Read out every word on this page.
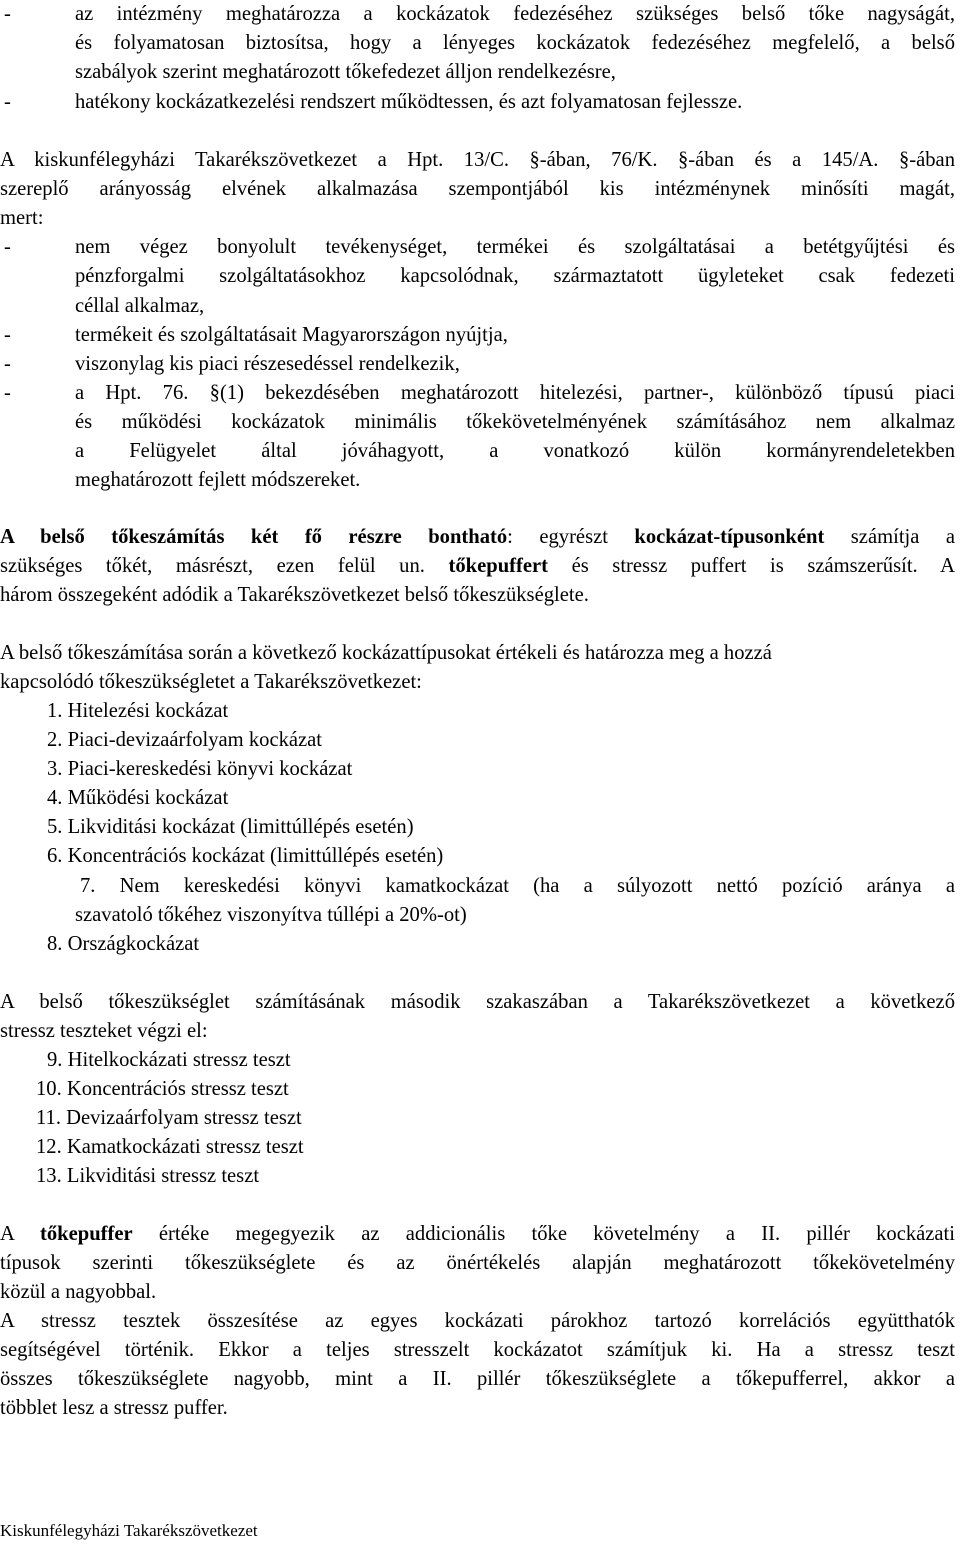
-	az intézmény meghatározza a kockázatok fedezéséhez szükséges belső tőke nagyságát,
és folyamatosan biztosítsa, hogy a lényeges kockázatok fedezéséhez megfelelő, a belső
szabályok szerint meghatározott tőkefedezet álljon rendelkezésre,
-	hatékony kockázatkezelési rendszert működtessen, és azt folyamatosan fejlessze.
A kiskunfélegyházi Takarékszövetkezet a Hpt. 13/C. §-ában, 76/K. §-ában és a 145/A. §-ában
szereplő arányosság elvének alkalmazása szempontjából kis intézménynek minősíti magát,
mert:
-	nem végez bonyolult tevékenységet, termékei és szolgáltatásai a betétgyűjtési és
pénzforgalmi szolgáltatásokhoz kapcsolódnak, származtatott ügyleteket csak fedezeti
céllal alkalmaz,
-	termékeit és szolgáltatásait Magyarországon nyújtja,
-	viszonylag kis piaci részesedéssel rendelkezik,
-	a Hpt. 76. §(1) bekezdésében meghatározott hitelezési, partner-, különböző típusú piaci
és működési kockázatok minimális tőkekövetelményének számításához nem alkalmaz
a Felügyelet által jóváhagyott, a vonatkozó külön kormányrendeletekben
meghatározott fejlett módszereket.
A belső tőkeszámítás két fő részre bontható: egyrészt kockázat-típusonként számítja a
szükséges tőkét, másrészt, ezen felül un. tőkepuffert és stressz puffert is számszerűsít. A
három összegeként adódik a Takarékszövetkezet belső tőkeszükséglete.
A belső tőkeszámítása során a következő kockázattípusokat értékeli és határozza meg a hozzá
kapcsolódó tőkeszükségletet a Takarékszövetkezet:
1. Hitelezési kockázat
2. Piaci-devizaárfolyam kockázat
3. Piaci-kereskedési könyvi kockázat
4. Működési kockázat
5. Likviditási kockázat (limittúllépés esetén)
6. Koncentrációs kockázat (limittúllépés esetén)
7. Nem kereskedési könyvi kamatkockázat (ha a súlyozott nettó pozíció aránya a
szavatoló tőkéhez viszonyítva túllépi a 20%-ot)
8. Országkockázat
A belső tőkeszükséglet számításának második szakaszában a Takarékszövetkezet a következő
stressz teszteket végzi el:
9. Hitelkockázati stressz teszt
10. Koncentrációs stressz teszt
11. Devizaárfolyam stressz teszt
12. Kamatkockázati stressz teszt
13. Likviditási stressz teszt
A tőkepuffer értéke megegyezik az addicionális tőke követelmény a II. pillér kockázati
típusok szerinti tőkeszükséglete és az önértékelés alapján meghatározott tőkekövetelmény
közül a nagyobbal.
A stressz tesztek összesítése az egyes kockázati párokhoz tartozó korrelációs együtthatók
segítségével történik. Ekkor a teljes stresszelt kockázatot számítjuk ki. Ha a stressz teszt
összes tőkeszükséglete nagyobb, mint a II. pillér tőkeszükséglete a tőkepufferrel, akkor a
többlet lesz a stressz puffer.
Kiskunfélegyházi Takarékszövetkezet
